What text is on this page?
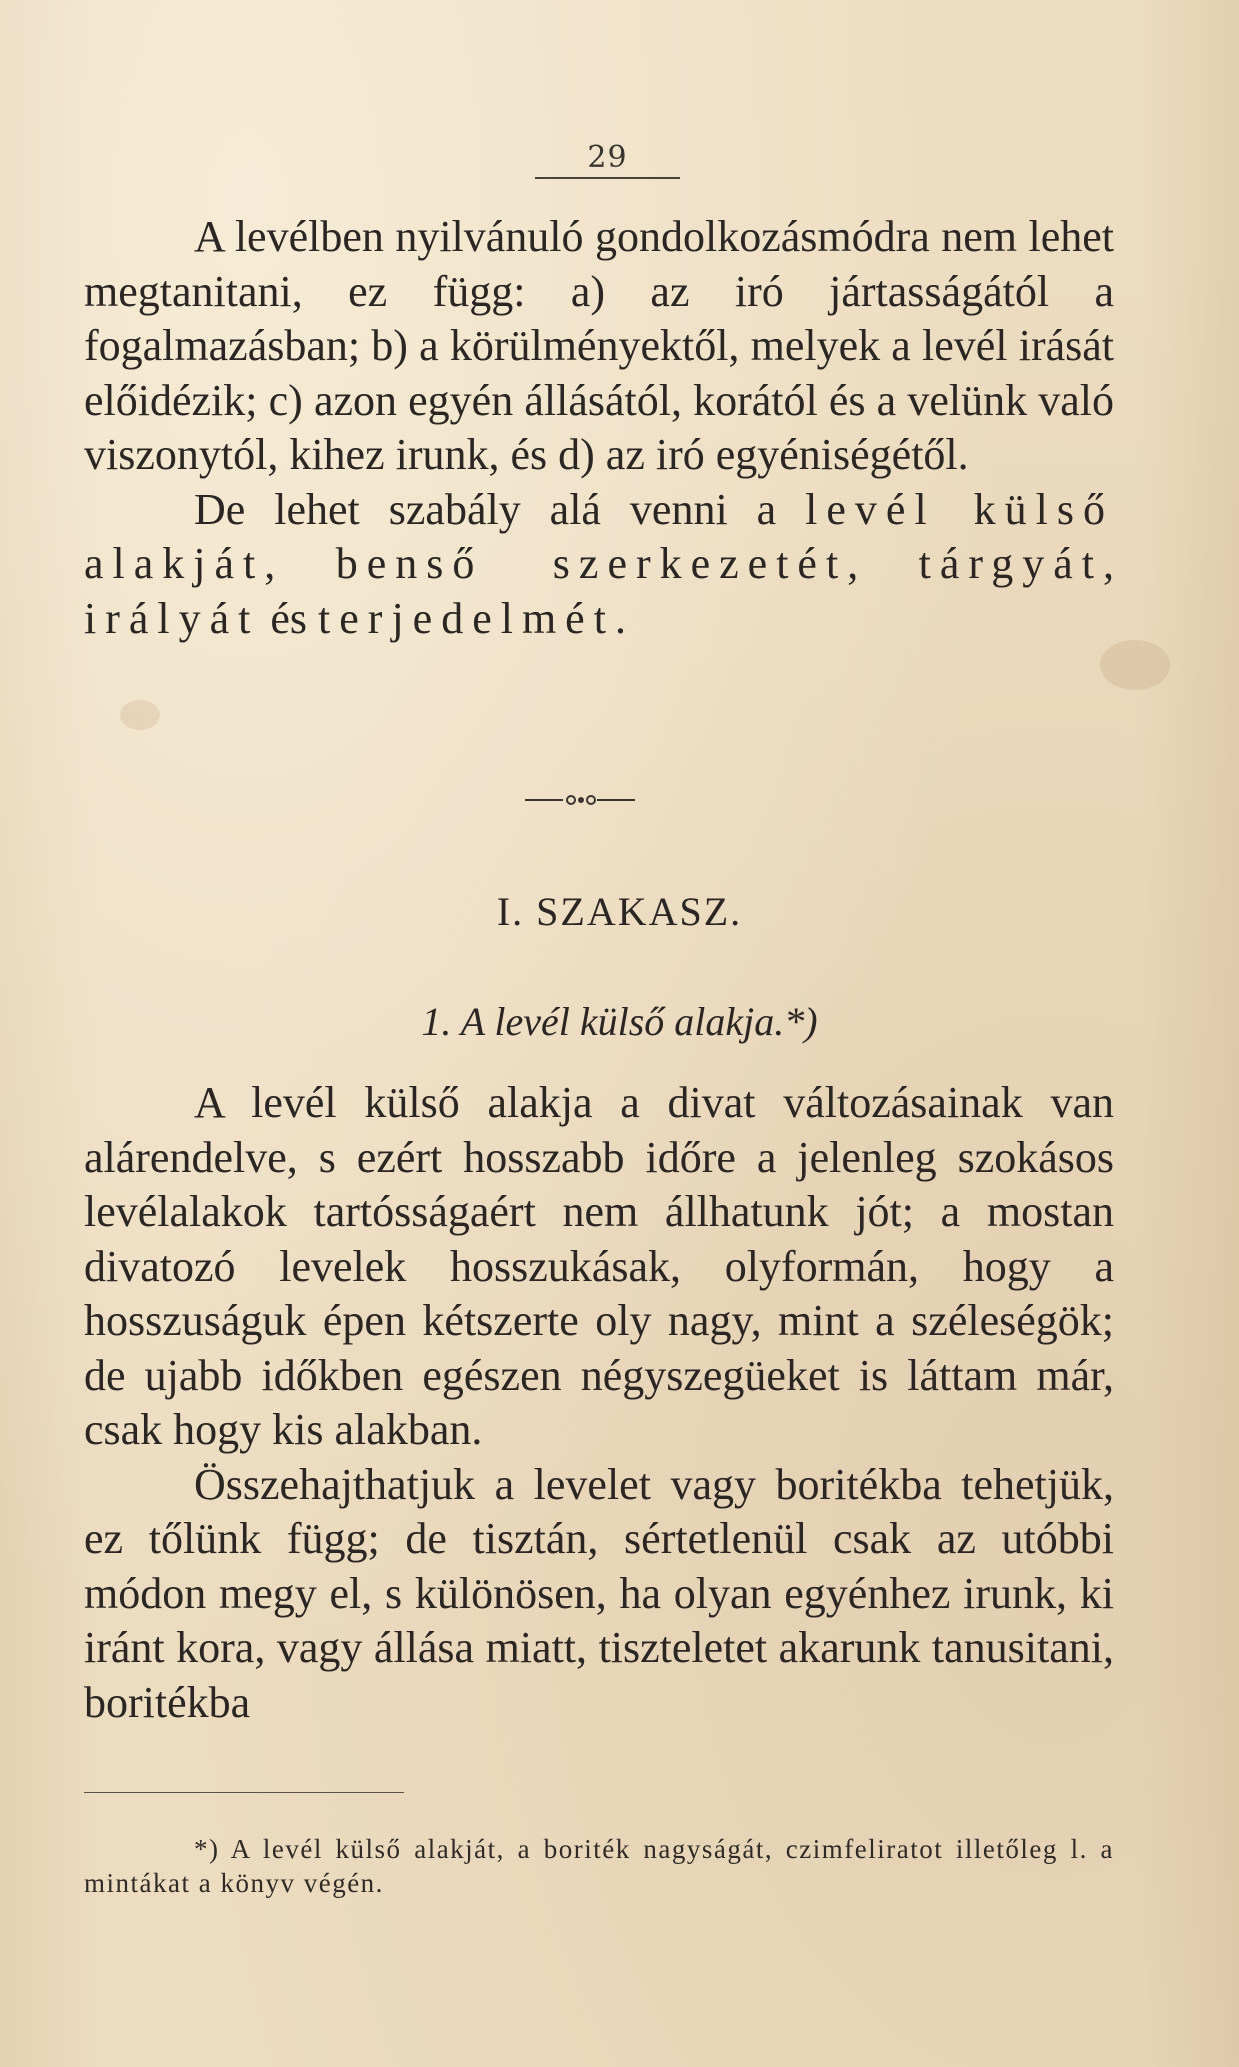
29

A levélben nyilvánuló gondolkozásmódra nem lehet megtanitani, ez függ: a) az iró jártasságától a fogalmazásban; b) a körülményektől, melyek a levél irását előidézik; c) azon egyén állásától, korától és a velünk való viszonytól, kihez irunk, és d) az iró egyéniségétől.

De lehet szabály alá venni a levél külső alakját, benső szerkezetét, tárgyát, irályát és terjedelmét.

I. SZAKASZ.
1. A levél külső alakja.*)

A levél külső alakja a divat változásainak van alárendelve, s ezért hosszabb időre a jelenleg szokásos levélalakok tartósságaért nem állhatunk jót; a mostan divatozó levelek hosszukásak, olyformán, hogy a hosszuságuk épen kétszerte oly nagy, mint a széleségök; de ujabb időkben egészen négyszegüeket is láttam már, csak hogy kis alakban.

Összehajthatjuk a levelet vagy boritékba tehetjük, ez tőlünk függ; de tisztán, sértetlenül csak az utóbbi módon megy el, s különösen, ha olyan egyénhez irunk, ki iránt kora, vagy állása miatt, tiszteletet akarunk tanusitani, boritékba

*) A levél külső alakját, a boriték nagyságát, czimfeliratot illetőleg l. a mintákat a könyv végén.
